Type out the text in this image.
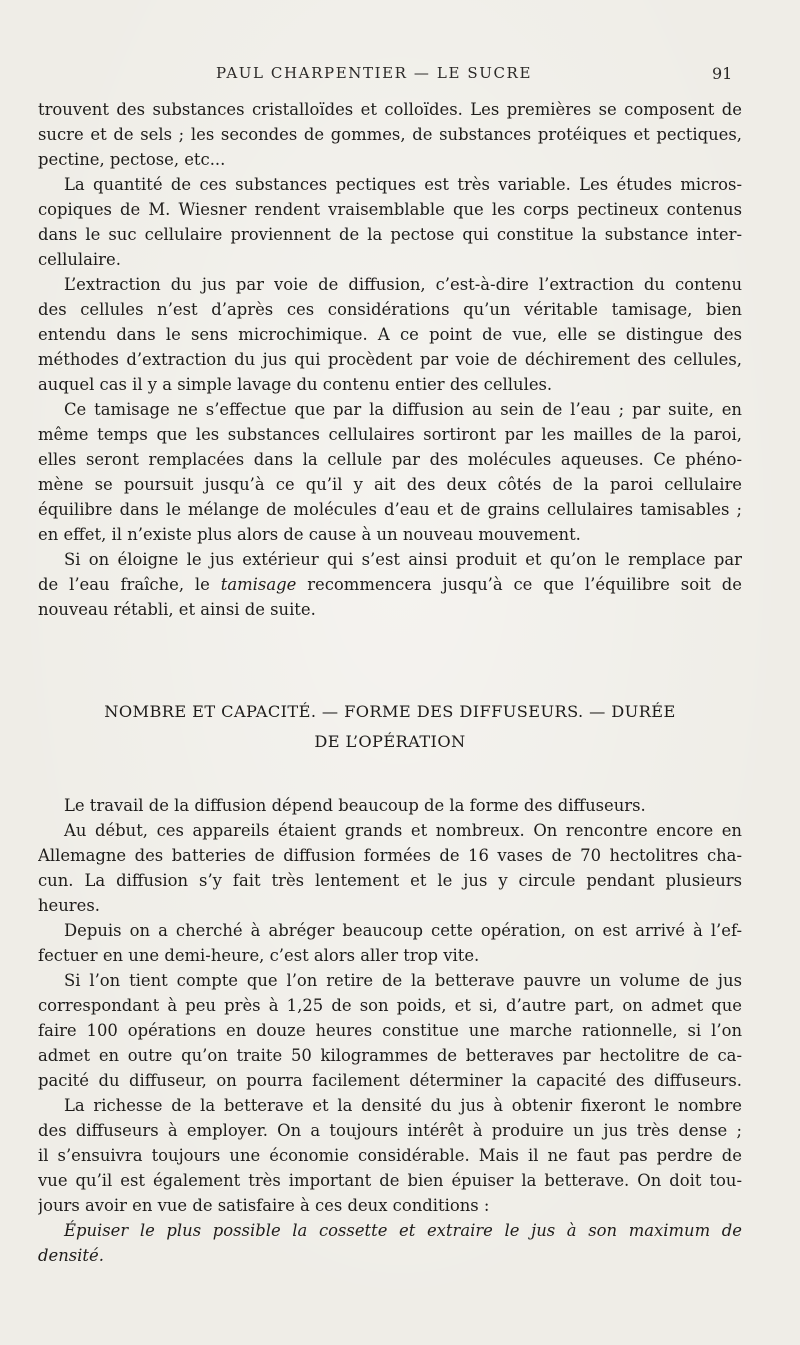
PAUL CHARPENTIER — LE SUCRE	91
trouvent des substances cristalloïdes et colloïdes. Les premières se composent de
sucre et de sels ; les secondes de gommes, de substances protéiques et pectiques,
pectine, pectose, etc...
La quantité de ces substances pectiques est très variable. Les études micros-
copiques de M. Wiesner rendent vraisemblable que les corps pectineux contenus
dans le suc cellulaire proviennent de la pectose qui constitue la substance inter-
cellulaire.
L’extraction du jus par voie de diffusion, c’est-à-dire l’extraction du contenu
des cellules n’est d’après ces considérations qu’un véritable tamisage, bien
entendu dans le sens microchimique. A ce point de vue, elle se distingue des
méthodes d’extraction du jus qui procèdent par voie de déchirement des cellules,
auquel cas il y a simple lavage du contenu entier des cellules.
Ce tamisage ne s’effectue que par la diffusion au sein de l’eau ; par suite, en
même temps que les substances cellulaires sortiront par les mailles de la paroi,
elles seront remplacées dans la cellule par des molécules aqueuses. Ce phéno-
mène se poursuit jusqu’à ce qu’il y ait des deux côtés de la paroi cellulaire
équilibre dans le mélange de molécules d’eau et de grains cellulaires tamisables ;
en effet, il n’existe plus alors de cause à un nouveau mouvement.
Si on éloigne le jus extérieur qui s’est ainsi produit et qu’on le remplace par
de l’eau fraîche, le tamisage recommencera jusqu’à ce que l’équilibre soit de
nouveau rétabli, et ainsi de suite.
NOMBRE ET CAPACITÉ. — FORME DES DIFFUSEURS. — DURÉE
DE L’OPÉRATION
Le travail de la diffusion dépend beaucoup de la forme des diffuseurs.
Au début, ces appareils étaient grands et nombreux. On rencontre encore en
Allemagne des batteries de diffusion formées de 16 vases de 70 hectolitres cha-
cun. La diffusion s’y fait très lentement et le jus y circule pendant plusieurs
heures.
Depuis on a cherché à abréger beaucoup cette opération, on est arrivé à l’ef-
fectuer en une demi-heure, c’est alors aller trop vite.
Si l’on tient compte que l’on retire de la betterave pauvre un volume de jus
correspondant à peu près à 1,25 de son poids, et si, d’autre part, on admet que
faire 100 opérations en douze heures constitue une marche rationnelle, si l’on
admet en outre qu’on traite 50 kilogrammes de betteraves par hectolitre de ca-
pacité du diffuseur, on pourra facilement déterminer la capacité des diffuseurs.
La richesse de la betterave et la densité du jus à obtenir fixeront le nombre
des diffuseurs à employer. On a toujours intérêt à produire un jus très dense ;
il s’ensuivra toujours une économie considérable. Mais il ne faut pas perdre de
vue qu’il est également très important de bien épuiser la betterave. On doit tou-
jours avoir en vue de satisfaire à ces deux conditions :
Épuiser le plus possible la cossette et extraire le jus à son maximum de
densité.
